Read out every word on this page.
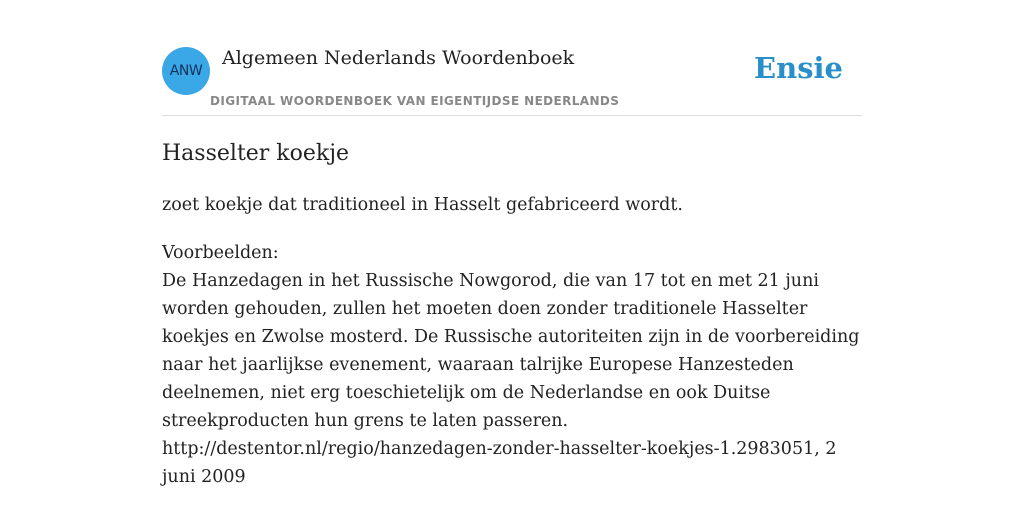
ANW
Algemeen Nederlands Woordenboek
DIGITAAL WOORDENBOEK VAN EIGENTIJDSE NEDERLANDS
Ensie
Hasselter koekje
zoet koekje dat traditioneel in Hasselt gefabriceerd wordt.

Voorbeelden:

De Hanzedagen in het Russische Nowgorod, die van 17 tot en met 21 juni worden gehouden, zullen het moeten doen zonder traditionele Hasselter koekjes en Zwolse mosterd. De Russische autoriteiten zijn in de voorbereiding naar het jaarlijkse evenement, waaraan talrijke Europese Hanzesteden deelnemen, niet erg toeschietelijk om de Nederlandse en ook Duitse streekproducten hun grens te laten passeren.

http://destentor.nl/regio/hanzedagen-zonder-hasselter-koekjes-1.2983051, 2 juni 2009
